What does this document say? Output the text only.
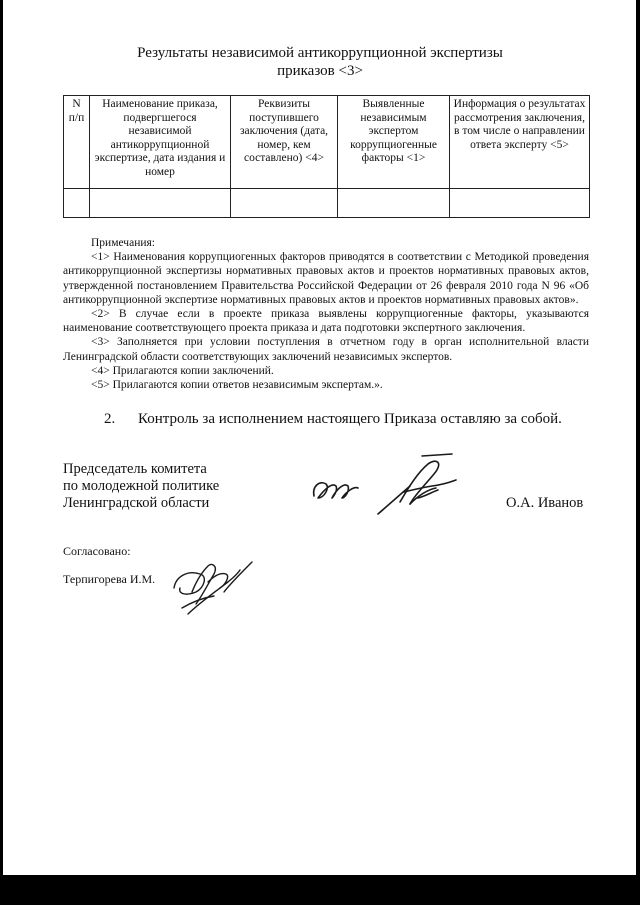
Результаты независимой антикоррупционной экспертизы
приказов <3>
N п/п	Наименование приказа, подвергшегося независимой антикоррупционной экспертизе, дата издания и номер	Реквизиты поступившего заключения (дата, номер, кем составлено) <4>	Выявленные независимым экспертом коррупциогенные факторы <1>	Информация о результатах рассмотрения заключения, в том числе о направлении ответа эксперту <5>

Примечания:

<1> Наименования коррупциогенных факторов приводятся в соответствии с Методикой проведения антикоррупционной экспертизы нормативных правовых актов и проектов нормативных правовых актов, утвержденной постановлением Правительства Российской Федерации от 26 февраля 2010 года N 96 «Об антикоррупционной экспертизе нормативных правовых актов и проектов нормативных правовых актов».

<2> В случае если в проекте приказа выявлены коррупциогенные факторы, указываются наименование соответствующего проекта приказа и дата подготовки экспертного заключения.

<3> Заполняется при условии поступления в отчетном году в орган исполнительной власти Ленинградской области соответствующих заключений независимых экспертов.

<4> Прилагаются копии заключений.

<5> Прилагаются копии ответов независимым экспертам.».

2. Контроль за исполнением настоящего Приказа оставляю за собой.
Председатель комитета
по молодежной политике
Ленинградской области	О.А. Иванов
Согласовано:
Терпигорева И.М.
